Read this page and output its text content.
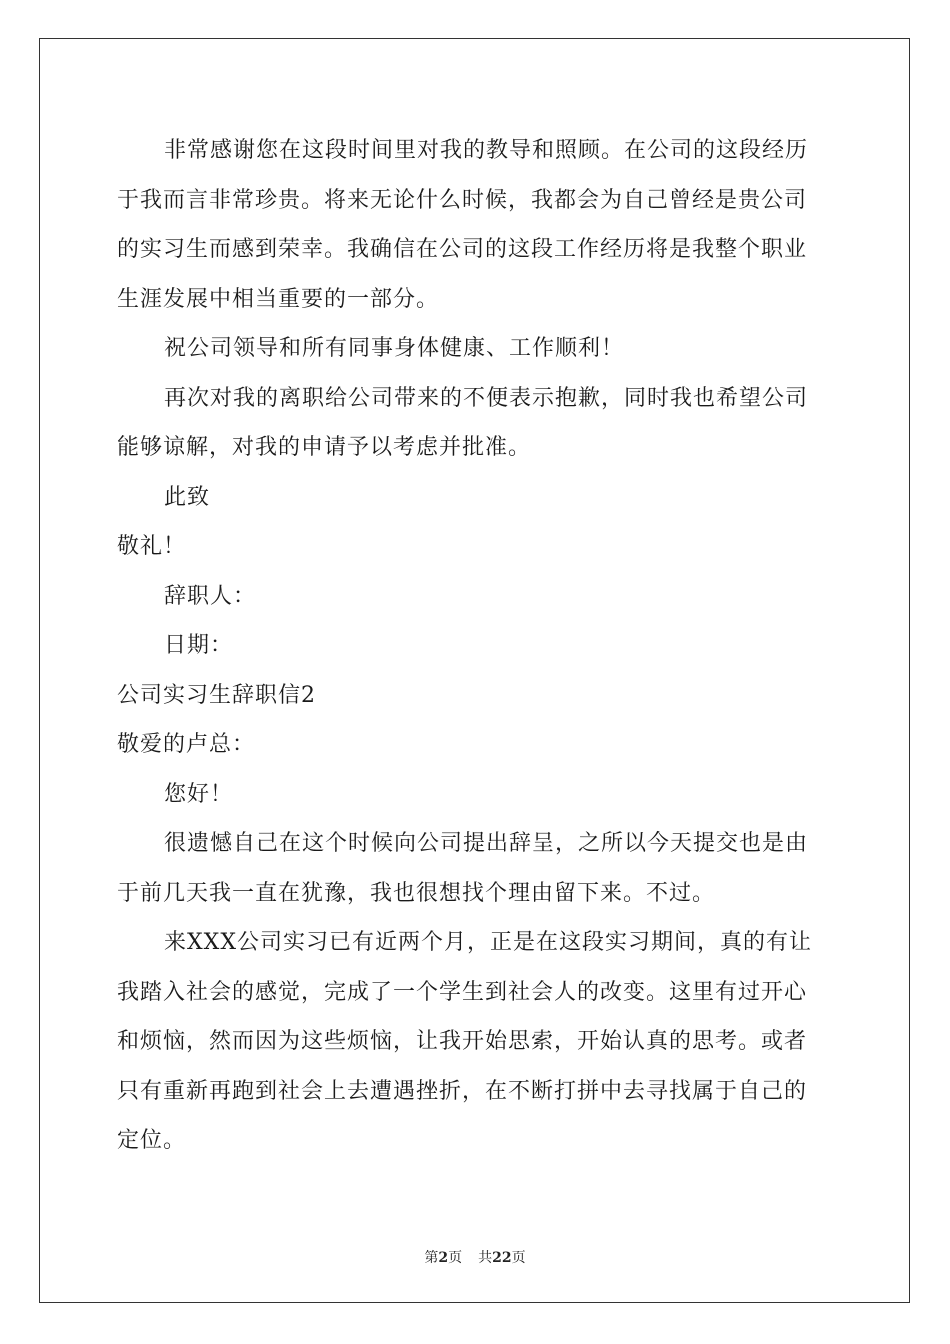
非常感谢您在这段时间里对我的教导和照顾。在公司的这段经历
于我而言非常珍贵。将来无论什么时候，我都会为自己曾经是贵公司
的实习生而感到荣幸。我确信在公司的这段工作经历将是我整个职业
生涯发展中相当重要的一部分。
祝公司领导和所有同事身体健康、工作顺利！
再次对我的离职给公司带来的不便表示抱歉，同时我也希望公司
能够谅解，对我的申请予以考虑并批准。
此致
敬礼！
辞职人：
日期：
公司实习生辞职信2
敬爱的卢总：
您好！
很遗憾自己在这个时候向公司提出辞呈，之所以今天提交也是由
于前几天我一直在犹豫，我也很想找个理由留下来。不过。
来XXX公司实习已有近两个月，正是在这段实习期间，真的有让
我踏入社会的感觉，完成了一个学生到社会人的改变。这里有过开心
和烦恼，然而因为这些烦恼，让我开始思索，开始认真的思考。或者
只有重新再跑到社会上去遭遇挫折，在不断打拼中去寻找属于自己的
定位。
第2页 共22页
